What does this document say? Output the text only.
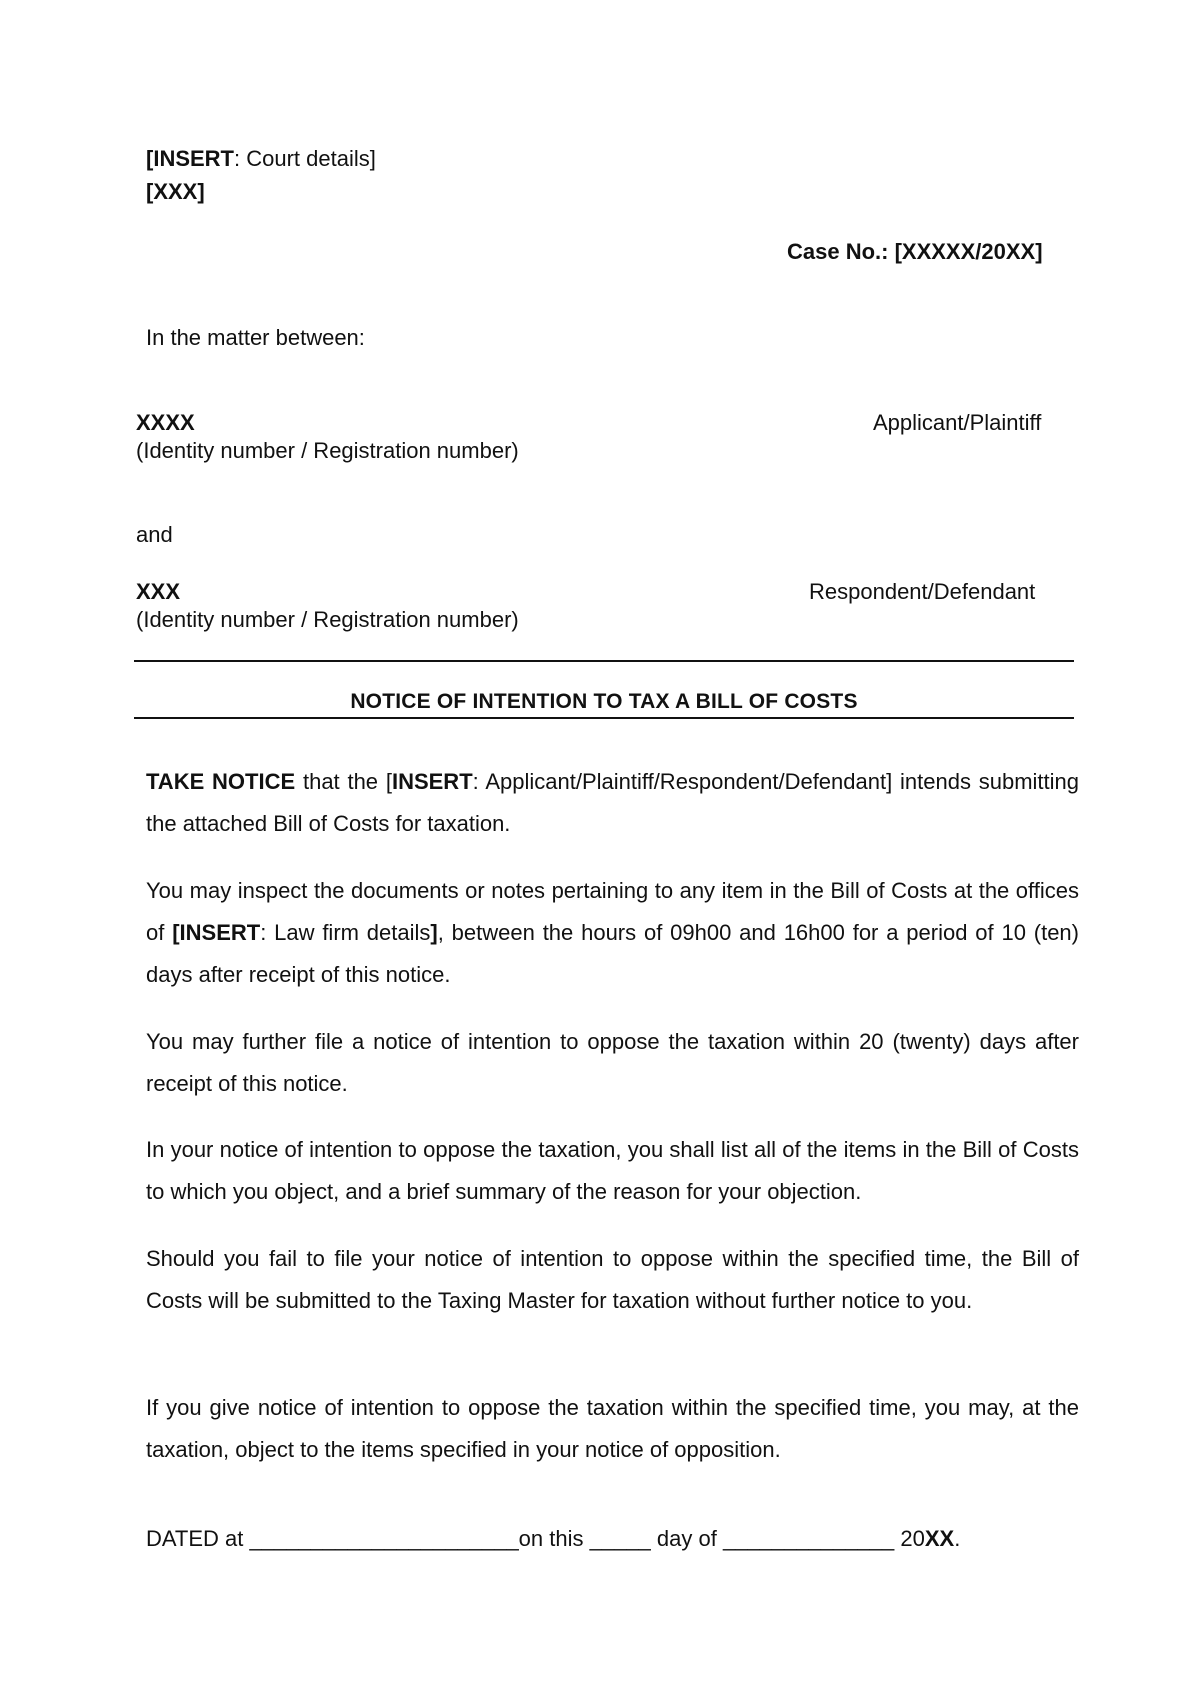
[INSERT: Court details]
[XXX]
Case No.: [XXXXX/20XX]
In the matter between:
XXXX	Applicant/Plaintiff
(Identity number / Registration number)
and
XXX	Respondent/Defendant
(Identity number / Registration number)
NOTICE OF INTENTION TO TAX A BILL OF COSTS

TAKE NOTICE that the [INSERT: Applicant/Plaintiff/Respondent/Defendant] intends submitting the attached Bill of Costs for taxation.

You may inspect the documents or notes pertaining to any item in the Bill of Costs at the offices of [INSERT: Law firm details], between the hours of 09h00 and 16h00 for a period of 10 (ten) days after receipt of this notice.

You may further file a notice of intention to oppose the taxation within 20 (twenty) days after receipt of this notice.

In your notice of intention to oppose the taxation, you shall list all of the items in the Bill of Costs to which you object, and a brief summary of the reason for your objection.

Should you fail to file your notice of intention to oppose within the specified time, the Bill of Costs will be submitted to the Taxing Master for taxation without further notice to you.

If you give notice of intention to oppose the taxation within the specified time, you may, at the taxation, object to the items specified in your notice of opposition.

DATED at ______________________on this _____ day of ______________ 20XX.
